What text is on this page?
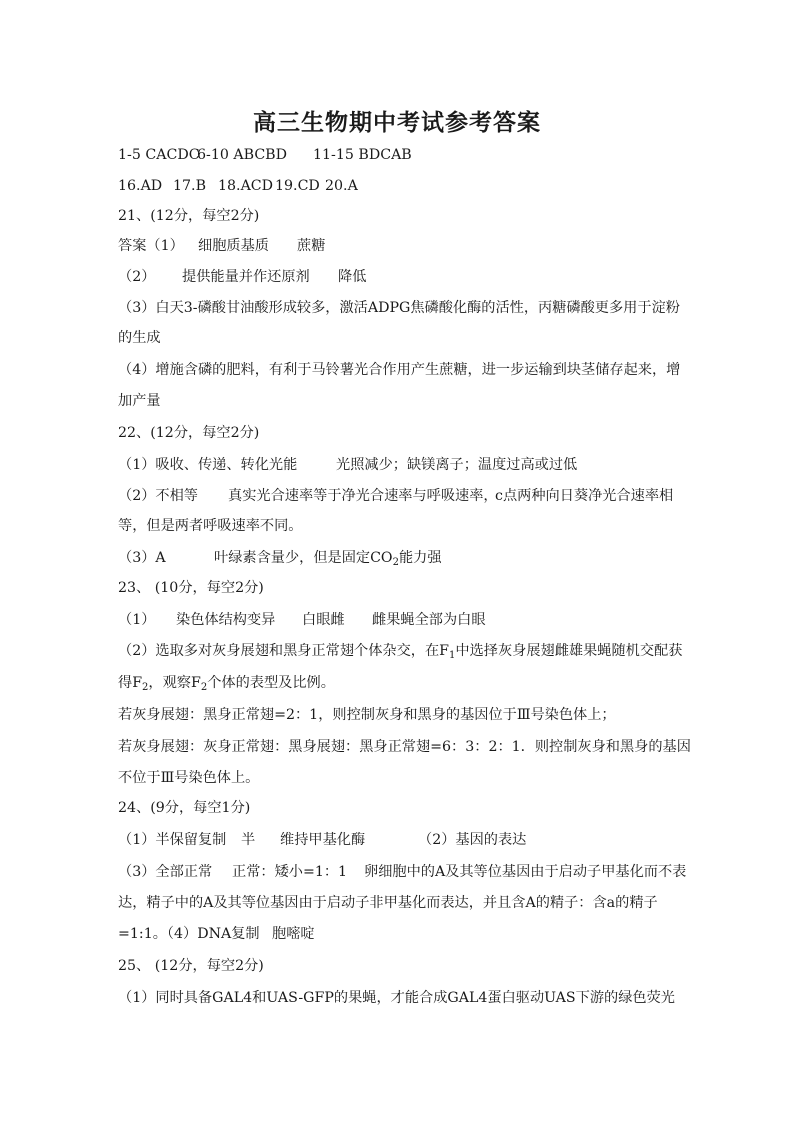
高三生物期中考试参考答案
1-5 CACDC
6-10 ABCBD 11-15 BDCAB
16.AD 17.B 18.ACD 19.CD 20.A
21、(12分，每空2分)
答案（1） 细胞质基质 蔗糖
（2） 提供能量并作还原剂 降低
（3）白天3-磷酸甘油酸形成较多，激活ADPG焦磷酸化酶的活性，丙糖磷酸更多用于淀粉
的生成
（4）增施含磷的肥料，有利于马铃薯光合作用产生蔗糖，进一步运输到块茎储存起来，增
加产量
22、(12分，每空2分)
（1）吸收、传递、转化光能	光照减少；缺镁离子；温度过高或过低
（2）不相等 真实光合速率等于净光合速率与呼吸速率，
c点两种向日葵净光合速率相
等，但是两者呼吸速率不同。
（3）A	叶绿素含量少，但是固定$CO_2$能力强
23、 (10分，每空2分)
（1） 染色体结构变异 白眼雌 雌果蝇全部为白眼
（2）选取多对灰身展翅和黑身正常翅个体杂交，在$F_1$中选择灰身展翅雌雄果蝇随机交配获
得$F_2$，观察$F_2$个体的表型及比例。
若灰身展翅：黑身正常翅=2：1，则控制灰身和黑身的基因位于Ⅲ号染色体上；
若灰身展翅：灰身正常翅：黑身展翅：黑身正常翅=6：3：2：1．则控制灰身和黑身的基因
不位于Ⅲ号染色体上。
24、(9分，每空1分)
（1）半保留复制 半 维持甲基化酶	（2）基因的表达
（3）全部正常 正常：矮小=1：1 卵细胞中的A及其等位基因由于启动子甲基化而不表
达，精子中的A及其等位基因由于启动子非甲基化而表达，并且含A的精子：含a的精子
=1:1。（4）DNA复制 胞嘧啶
25、 (12分，每空2分)
（1）同时具备GAL4和UAS-GFP的果蝇，才能合成GAL4蛋白驱动UAS下游的绿色荧光
